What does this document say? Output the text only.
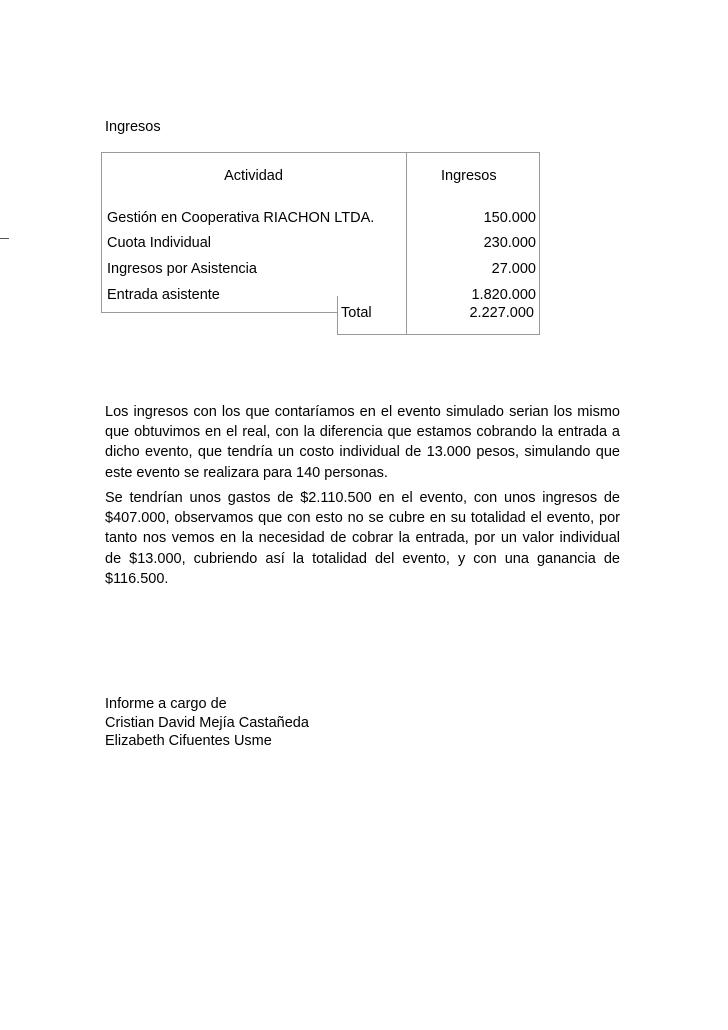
Ingresos
Actividad	Ingresos
Gestión en Cooperativa RIACHON LTDA.	150.000
Cuota Individual	230.000
Ingresos por Asistencia	27.000
Entrada asistente	1.820.000
Total	2.227.000

Los ingresos con los que contaríamos en el evento simulado serian los mismo que obtuvimos en el real, con la diferencia que estamos cobrando la entrada a dicho evento, que tendría un costo individual de 13.000 pesos, simulando que este evento se realizara para 140 personas.

Se tendrían unos gastos de $2.110.500 en el evento, con unos ingresos de $407.000, observamos que con esto no se cubre en su totalidad el evento, por tanto nos vemos en la necesidad de cobrar la entrada, por un valor individual de $13.000, cubriendo así la totalidad del evento, y con una ganancia de $116.500.

Informe a cargo de
Cristian David Mejía Castañeda
Elizabeth Cifuentes Usme
